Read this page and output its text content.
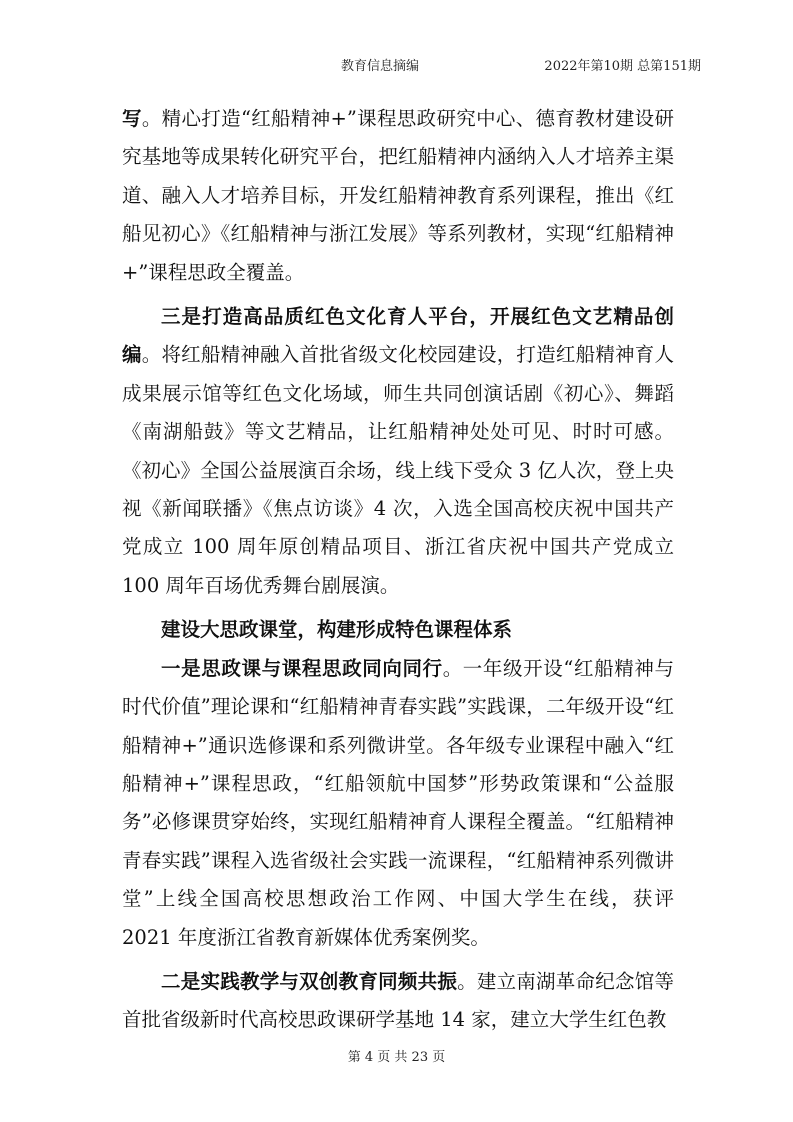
教育信息摘编	2022年第10期 总第151期

写。精心打造“红船精神+”课程思政研究中心、德育教材建设研究基地等成果转化研究平台，把红船精神内涵纳入人才培养主渠道、融入人才培养目标，开发红船精神教育系列课程，推出《红船见初心》《红船精神与浙江发展》等系列教材，实现“红船精神+”课程思政全覆盖。

三是打造高品质红色文化育人平台，开展红色文艺精品创编。将红船精神融入首批省级文化校园建设，打造红船精神育人成果展示馆等红色文化场域，师生共同创演话剧《初心》、舞蹈《南湖船鼓》等文艺精品，让红船精神处处可见、时时可感。《初心》全国公益展演百余场，线上线下受众 3 亿人次，登上央视《新闻联播》《焦点访谈》4 次，入选全国高校庆祝中国共产党成立 100 周年原创精品项目、浙江省庆祝中国共产党成立 100 周年百场优秀舞台剧展演。

建设大思政课堂，构建形成特色课程体系

一是思政课与课程思政同向同行。一年级开设“红船精神与时代价值”理论课和“红船精神青春实践”实践课，二年级开设“红船精神+”通识选修课和系列微讲堂。各年级专业课程中融入“红船精神+”课程思政，“红船领航中国梦”形势政策课和“公益服务”必修课贯穿始终，实现红船精神育人课程全覆盖。“红船精神青春实践”课程入选省级社会实践一流课程，“红船精神系列微讲堂”上线全国高校思想政治工作网、中国大学生在线，获评 2021 年度浙江省教育新媒体优秀案例奖。

二是实践教学与双创教育同频共振。建立南湖革命纪念馆等首批省级新时代高校思政课研学基地 14 家，建立大学生红色教

第 4 页 共 23 页
